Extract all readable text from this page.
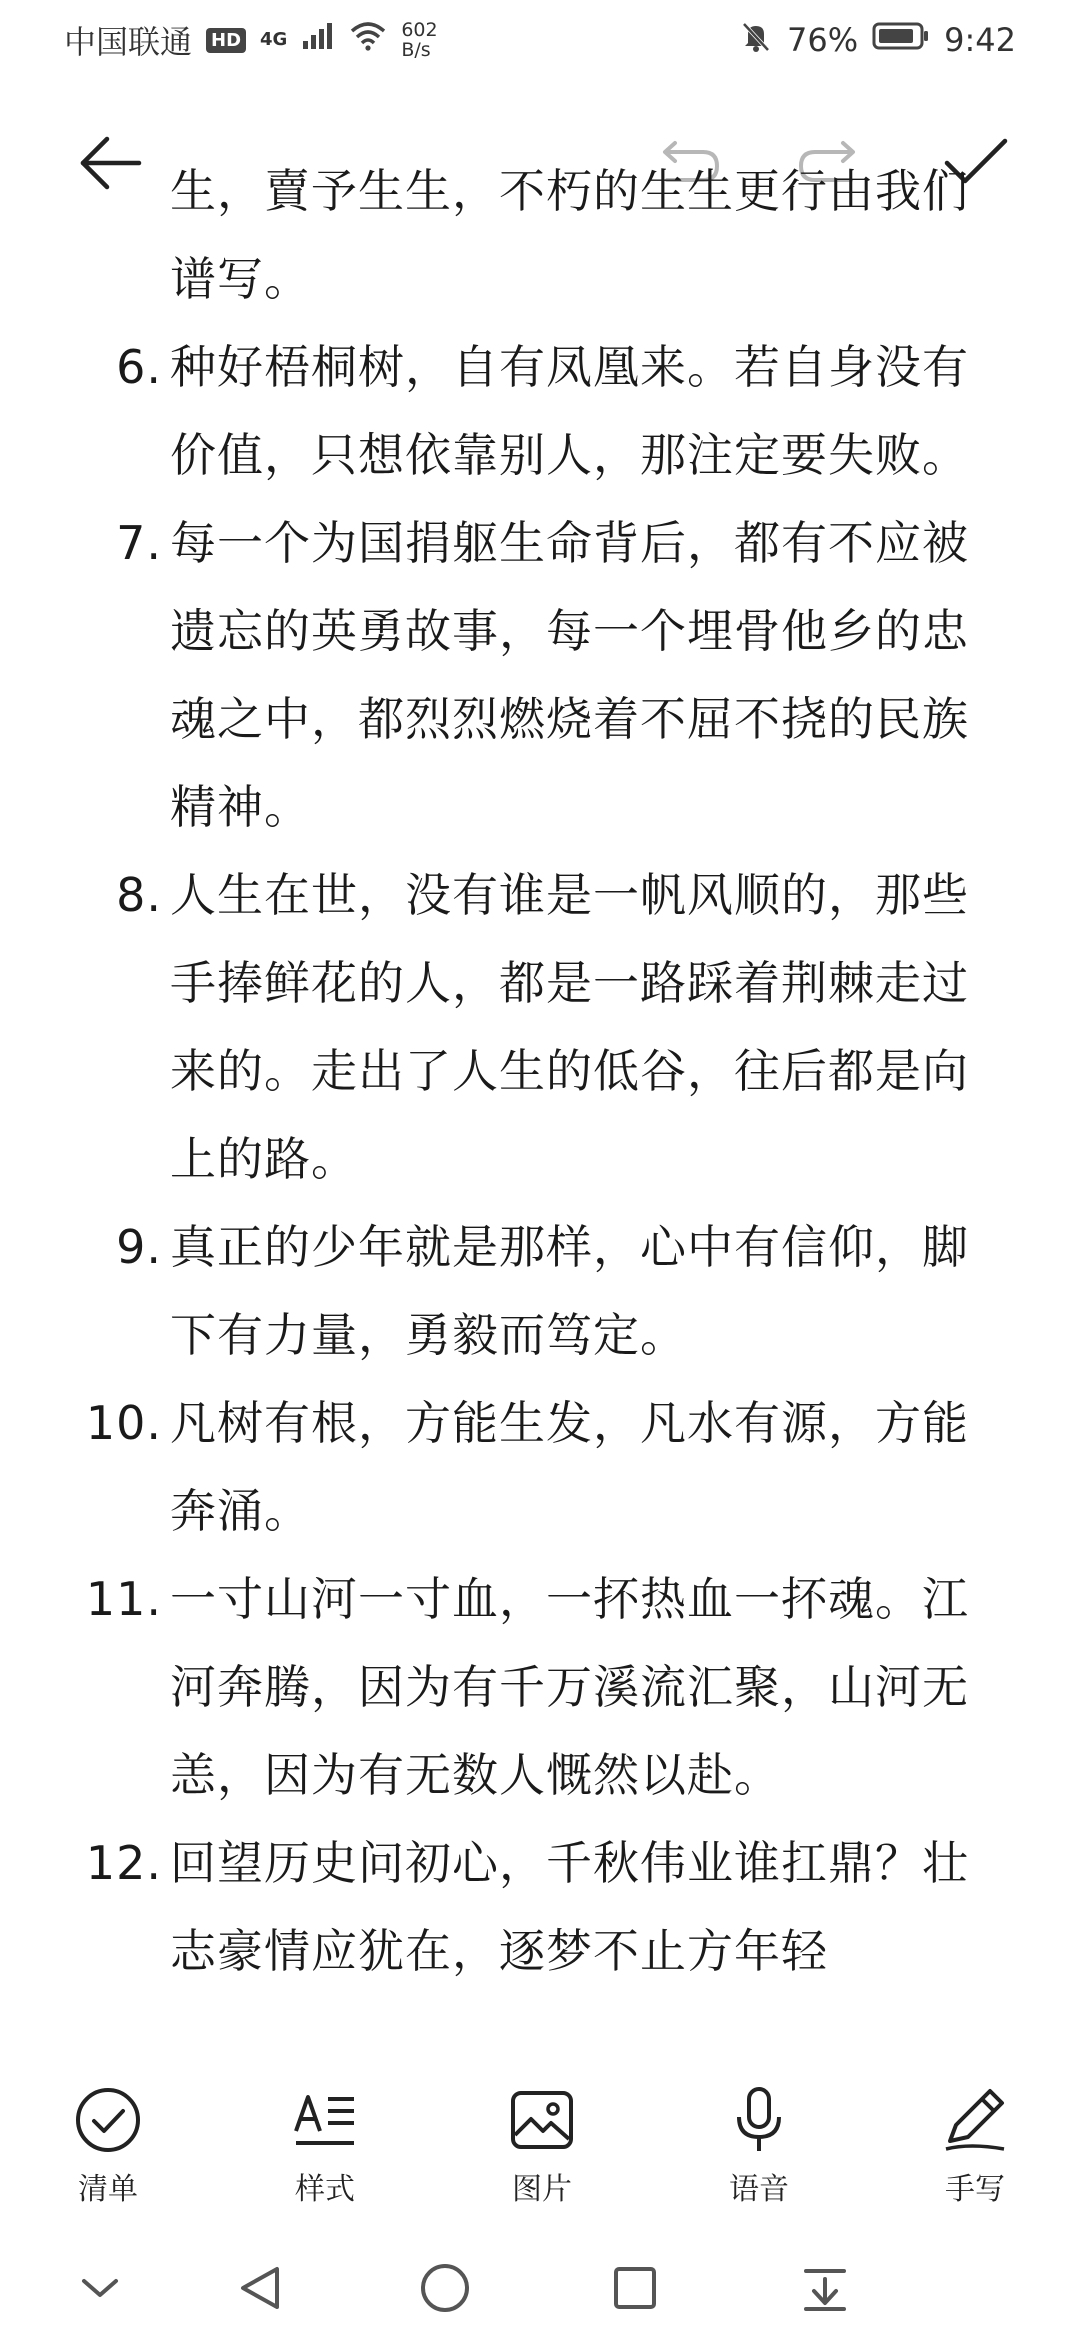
中国联通 HD 4G	602
B/s	76%	9:42
生，賣予生生，不朽的生生更行由我们
谱写。
6. 种好梧桐树，自有凤凰来。若自身没有
价值，只想依靠别人，那注定要失败。
7. 每一个为国捐躯生命背后，都有不应被
遗忘的英勇故事，每一个埋骨他乡的忠
魂之中，都烈烈燃烧着不屈不挠的民族
精神。
8. 人生在世，没有谁是一帆风顺的，那些
手捧鲜花的人，都是一路踩着荆棘走过
来的。走出了人生的低谷，往后都是向
上的路。
9. 真正的少年就是那样，心中有信仰，脚
下有力量，勇毅而笃定。
10. 凡树有根，方能生发，凡水有源，方能
奔涌。
11. 一寸山河一寸血，一抔热血一抔魂。江
河奔腾，因为有千万溪流汇聚，山河无
恙，因为有无数人慨然以赴。
12. 回望历史问初心，千秋伟业谁扛鼎？壮
志豪情应犹在，逐梦不止方年轻
清单	样式	图片	语音	手写
